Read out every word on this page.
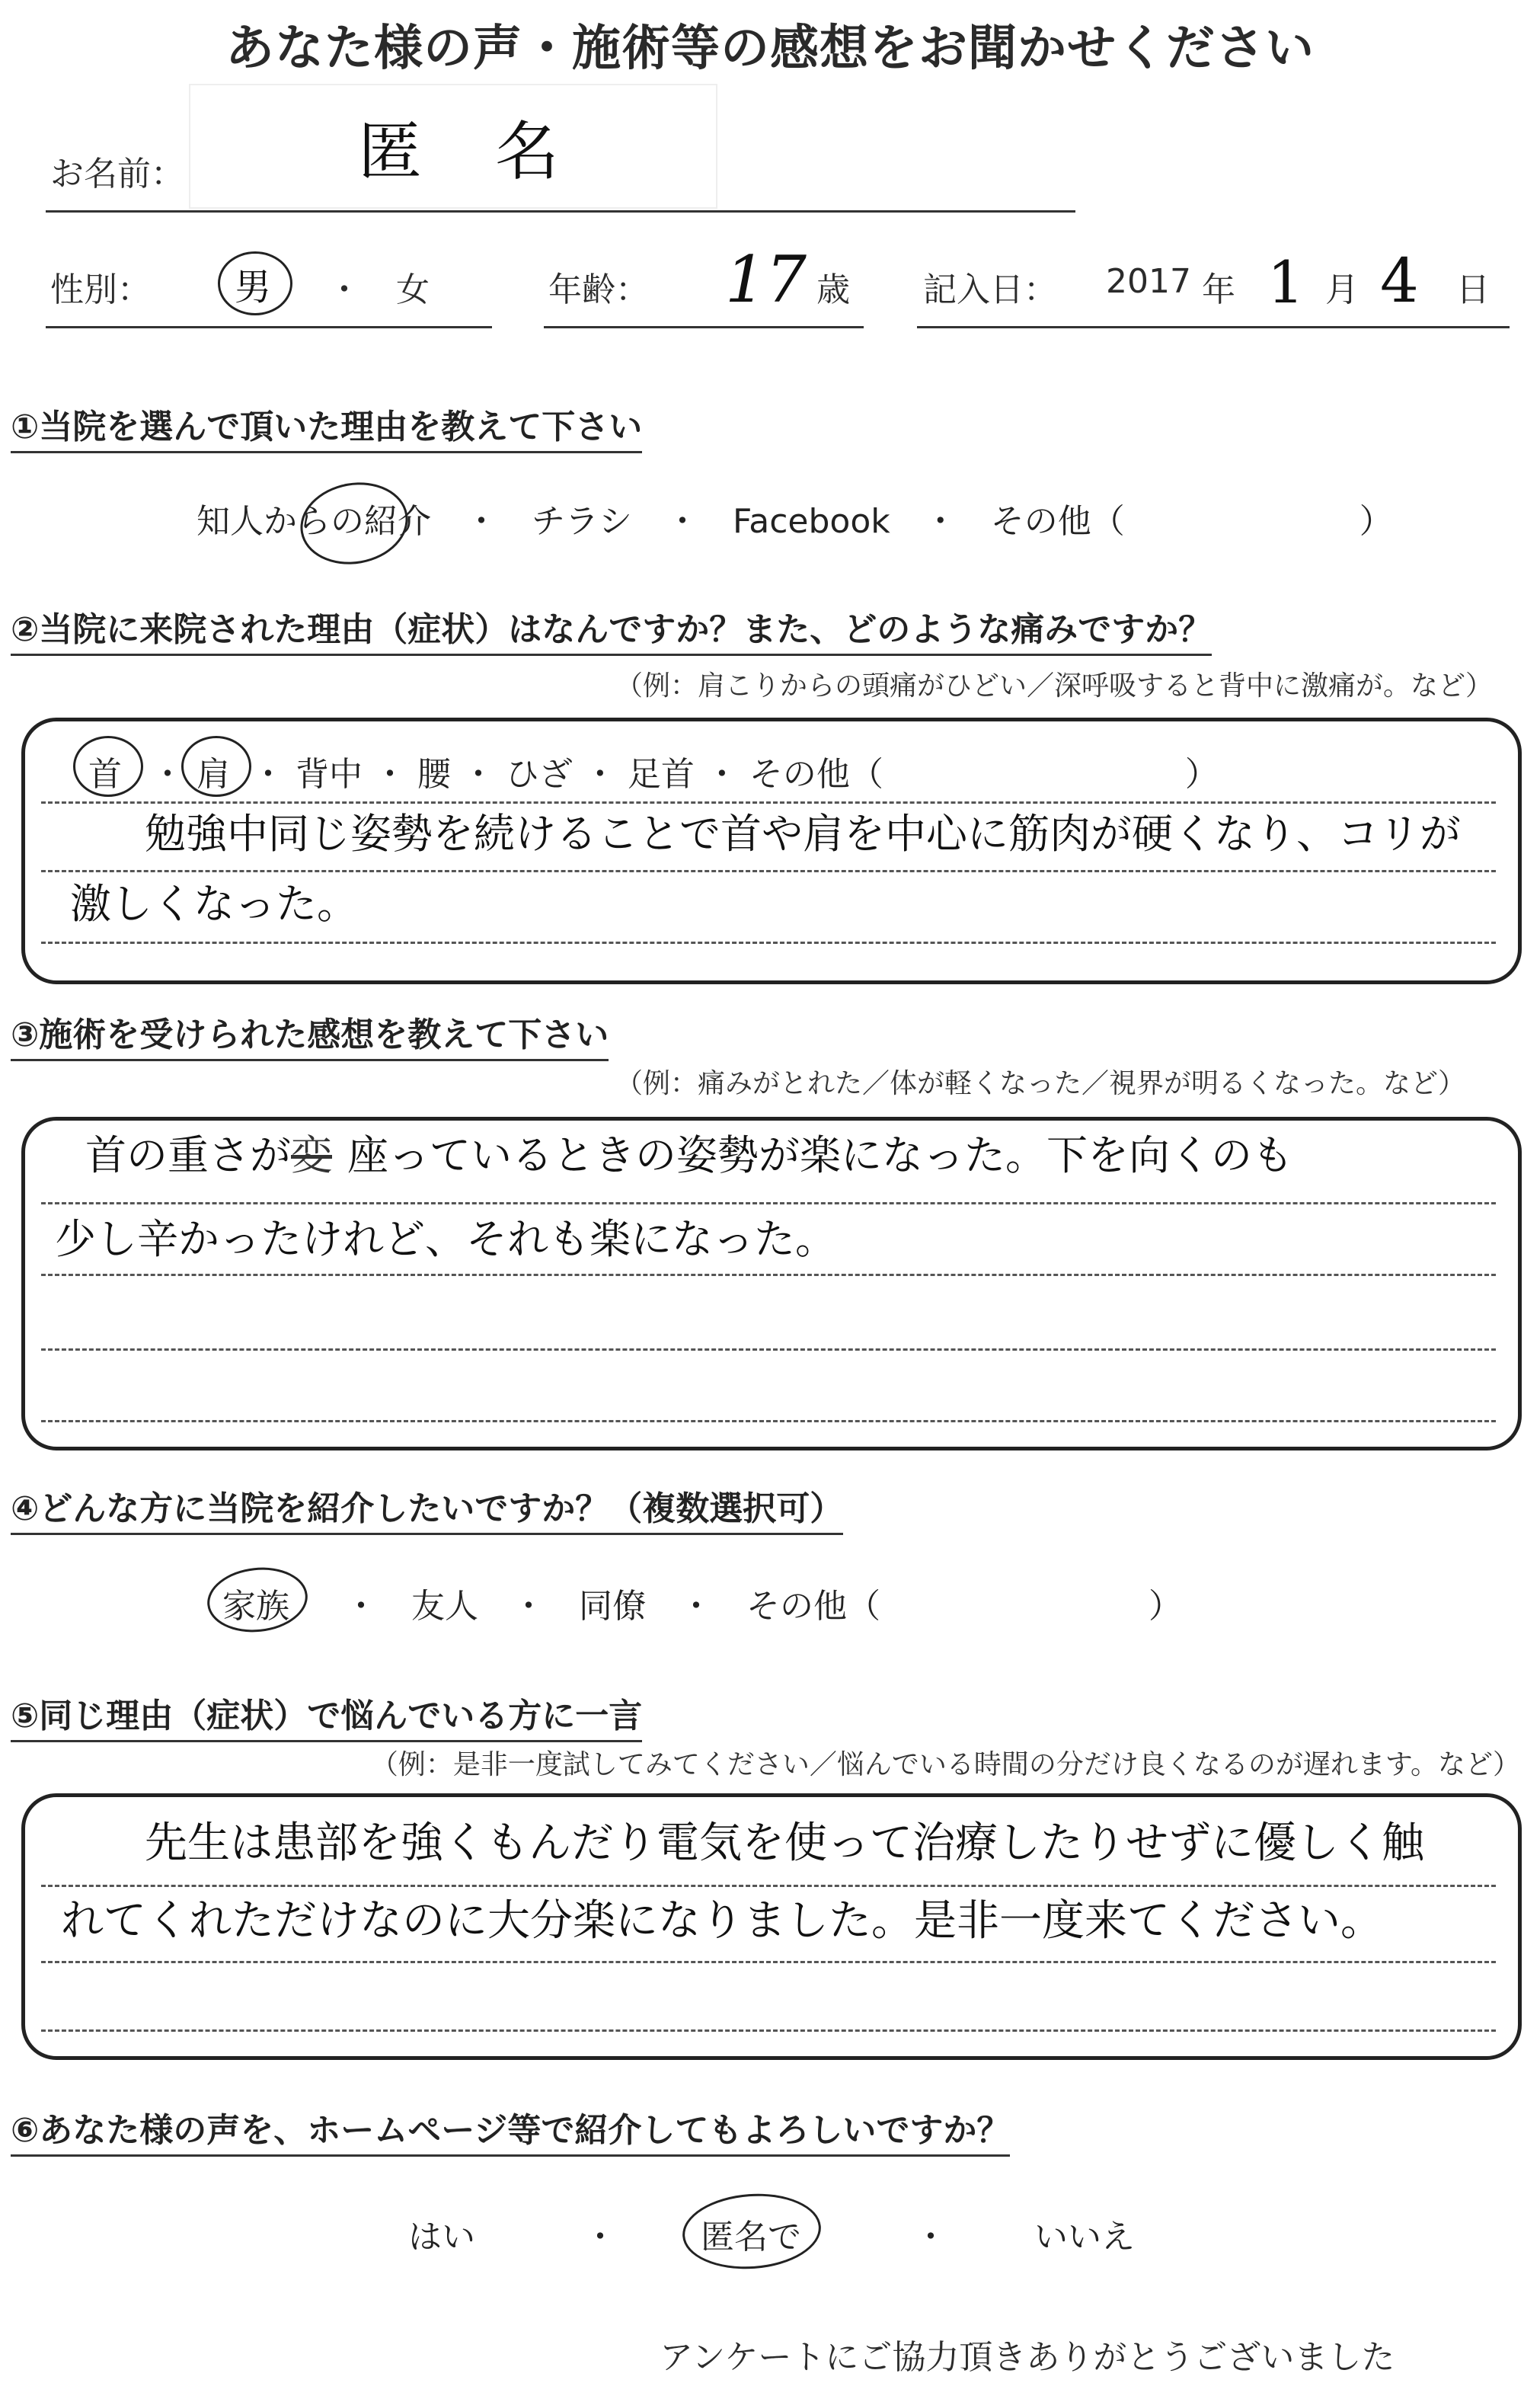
あなた様の声・施術等の感想をお聞かせください
お名前：	匿　名
性別： 男 ・ 女	年齢： 17 歳 記入日： 2017 年 1 月 4 日
①当院を選んで頂いた理由を教えて下さい
知人からの紹介　・　チラシ　・　Facebook　・　その他（　　　　　　　）
②当院に来院された理由（症状）はなんですか？また、どのような痛みですか？
（例：肩こりからの頭痛がひどい／深呼吸すると背中に激痛が。など）
首 ・ 肩 ・ 背中 ・ 腰 ・ ひざ ・ 足首 ・ その他（　　　　　　　　　）
勉強中同じ姿勢を続けることで首や肩を中心に筋肉が硬くなり、コリが
激しくなった。
③施術を受けられた感想を教えて下さい
（例：痛みがとれた／体が軽くなった／視界が明るくなった。など）
首の重さが 変 座っているときの姿勢が楽になった。下を向くのも
少し辛かったけれど、それも楽になった。
④どんな方に当院を紹介したいですか？（複数選択可）
家族 ・　友人　・　同僚　・　その他（　　　　　　　　）
⑤同じ理由（症状）で悩んでいる方に一言
（例：是非一度試してみてください／悩んでいる時間の分だけ良くなるのが遅れます。など）
先生は患部を強くもんだり電気を使って治療したりせずに優しく触
れてくれただけなのに大分楽になりました。是非一度来てください。
⑥あなた様の声を、ホームページ等で紹介してもよろしいですか？
はい	・	匿名で	・	いいえ
アンケートにご協力頂きありがとうございました
